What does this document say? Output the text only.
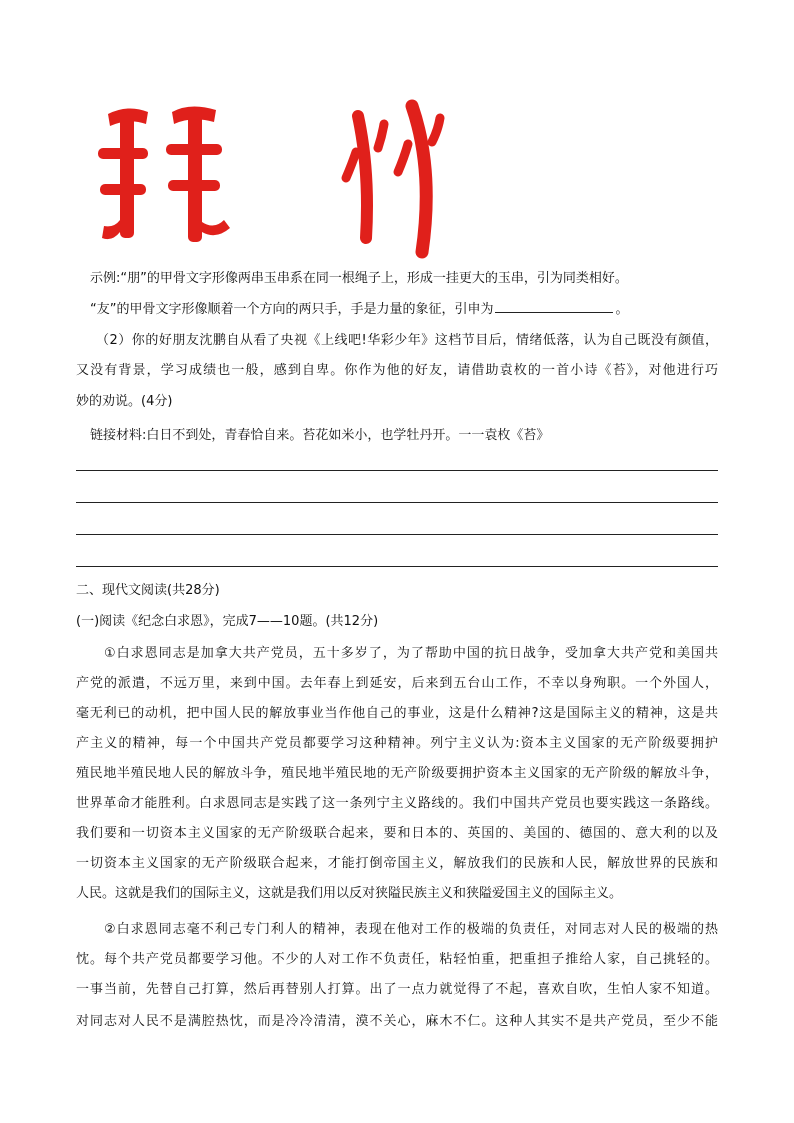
示例:“朋”的甲骨文字形像两串玉串系在同一根绳子上，形成一挂更大的玉串，引为同类相好。

“友”的甲骨文字形像顺着一个方向的两只手，手是力量的象征，引申为	。

（2）你的好朋友沈鹏自从看了央视《上线吧!华彩少年》这档节目后，情绪低落，认为自己既没有颜值，

又没有背景，学习成绩也一般，感到自卑。你作为他的好友，请借助袁枚的一首小诗《苔》，对他进行巧

妙的劝说。(4分)

链接材料:白日不到处，青春恰自来。苔花如米小，也学牡丹开。一一袁枚《苔》

二、现代文阅读(共28分)

(一)阅读《纪念白求恩》，完成7——10题。(共12分)

①白求恩同志是加拿大共产党员，五十多岁了，为了帮助中国的抗日战争，受加拿大共产党和美国共

产党的派遣，不远万里，来到中国。去年春上到延安，后来到五台山工作，不幸以身殉职。一个外国人，

毫无利已的动机，把中国人民的解放事业当作他自己的事业，这是什么精神?这是国际主义的精神，这是共

产主义的精神，每一个中国共产党员都要学习这种精神。列宁主义认为:资本主义国家的无产阶级要拥护

殖民地半殖民地人民的解放斗争，殖民地半殖民地的无产阶级要拥护资本主义国家的无产阶级的解放斗争，

世界革命才能胜利。白求恩同志是实践了这一条列宁主义路线的。我们中国共产党员也要实践这一条路线。

我们要和一切资本主义国家的无产阶级联合起来，要和日本的、英国的、美国的、德国的、意大利的以及

一切资本主义国家的无产阶级联合起来，才能打倒帝国主义，解放我们的民族和人民，解放世界的民族和

人民。这就是我们的国际主义，这就是我们用以反对狭隘民族主义和狭隘爱国主义的国际主义。

②白求恩同志毫不利己专门利人的精神，表现在他对工作的极端的负责任，对同志对人民的极端的热

忱。每个共产党员都要学习他。不少的人对工作不负责任，粘轻怕重，把重担子推给人家，自己挑轻的。

一事当前，先替自己打算，然后再替别人打算。出了一点力就觉得了不起，喜欢自吹，生怕人家不知道。

对同志对人民不是满腔热忱，而是冷冷清清，漠不关心，麻木不仁。这种人其实不是共产党员，至少不能
